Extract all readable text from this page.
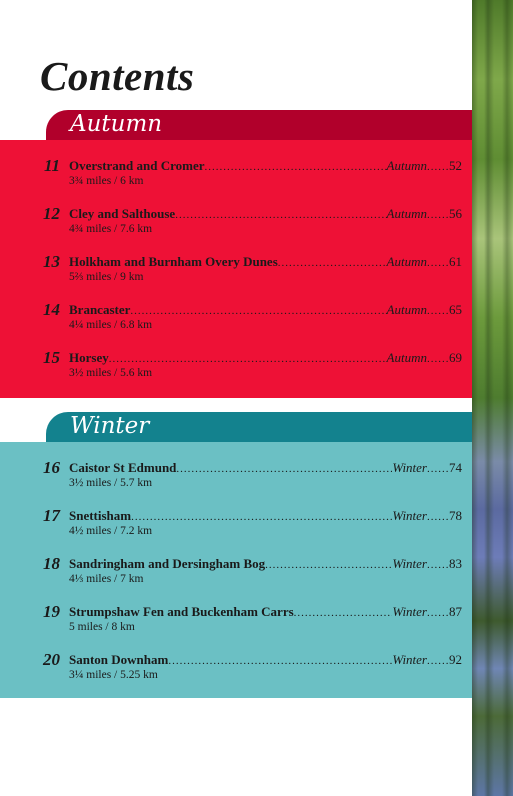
Contents
Autumn
11 Overstrand and Cromer .....	Autumn ..... 52
3¾ miles / 6 km
12 Cley and Salthouse .....	Autumn ..... 56
4¾ miles / 7.6 km
13 Holkham and Burnham Overy Dunes .....	Autumn ..... 61
5⅔ miles / 9 km
14 Brancaster .....	Autumn ..... 65
4¼ miles / 6.8 km
15 Horsey .....	Autumn ..... 69
3½ miles / 5.6 km
Winter
16 Caistor St Edmund .....	Winter ..... 74
3½ miles / 5.7 km
17 Snettisham .....	Winter ..... 78
4½ miles / 7.2 km
18 Sandringham and Dersingham Bog .....	Winter ..... 83
4⅓ miles / 7 km
19 Strumpshaw Fen and Buckenham Carrs .....	Winter ..... 87
5 miles / 8 km
20 Santon Downham .....	Winter ..... 92
3¼ miles / 5.25 km
